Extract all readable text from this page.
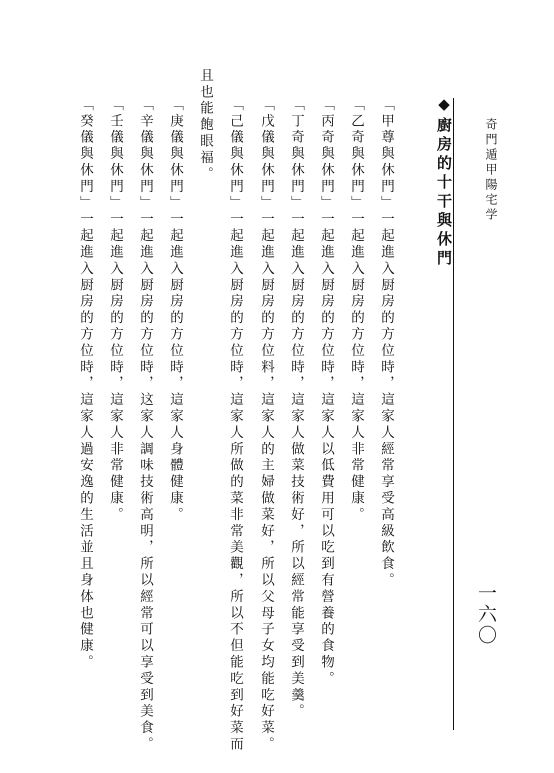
奇門遁甲陽宅学
一六〇
◆廚房的十干與休門
「甲尊與休門」一起進入厨房的方位時，這家人經常享受高級飲食。
「乙奇與休門」一起進入厨房的方位時，這家人非常健康。
「丙奇與休門」一起進入厨房的方位時，這家人以低費用可以吃到有營養的食物。
「丁奇與休門」一起進入厨房的方位時，這家人做菜技術好，所以經常能享受到美羹。
「戊儀與休門」一起進入厨房的方位料，這家人的主婦做菜好，所以父母子女均能吃好菜。
「己儀與休門」一起進入厨房的方位時，這家人所做的菜非常美觀，所以不但能吃到好菜而
且也能飽眼福。
「庚儀與休門」一起進入厨房的方位時，這家人身體健康。
「辛儀與休門」一起進入厨房的方位時，这家人調味技術高明，所以經常可以享受到美食。
「壬儀與休門」一起進入厨房的方位時，這家人非常健康。
「癸儀與休門」一起進入厨房的方位時，這家人過安逸的生活並且身体也健康。
